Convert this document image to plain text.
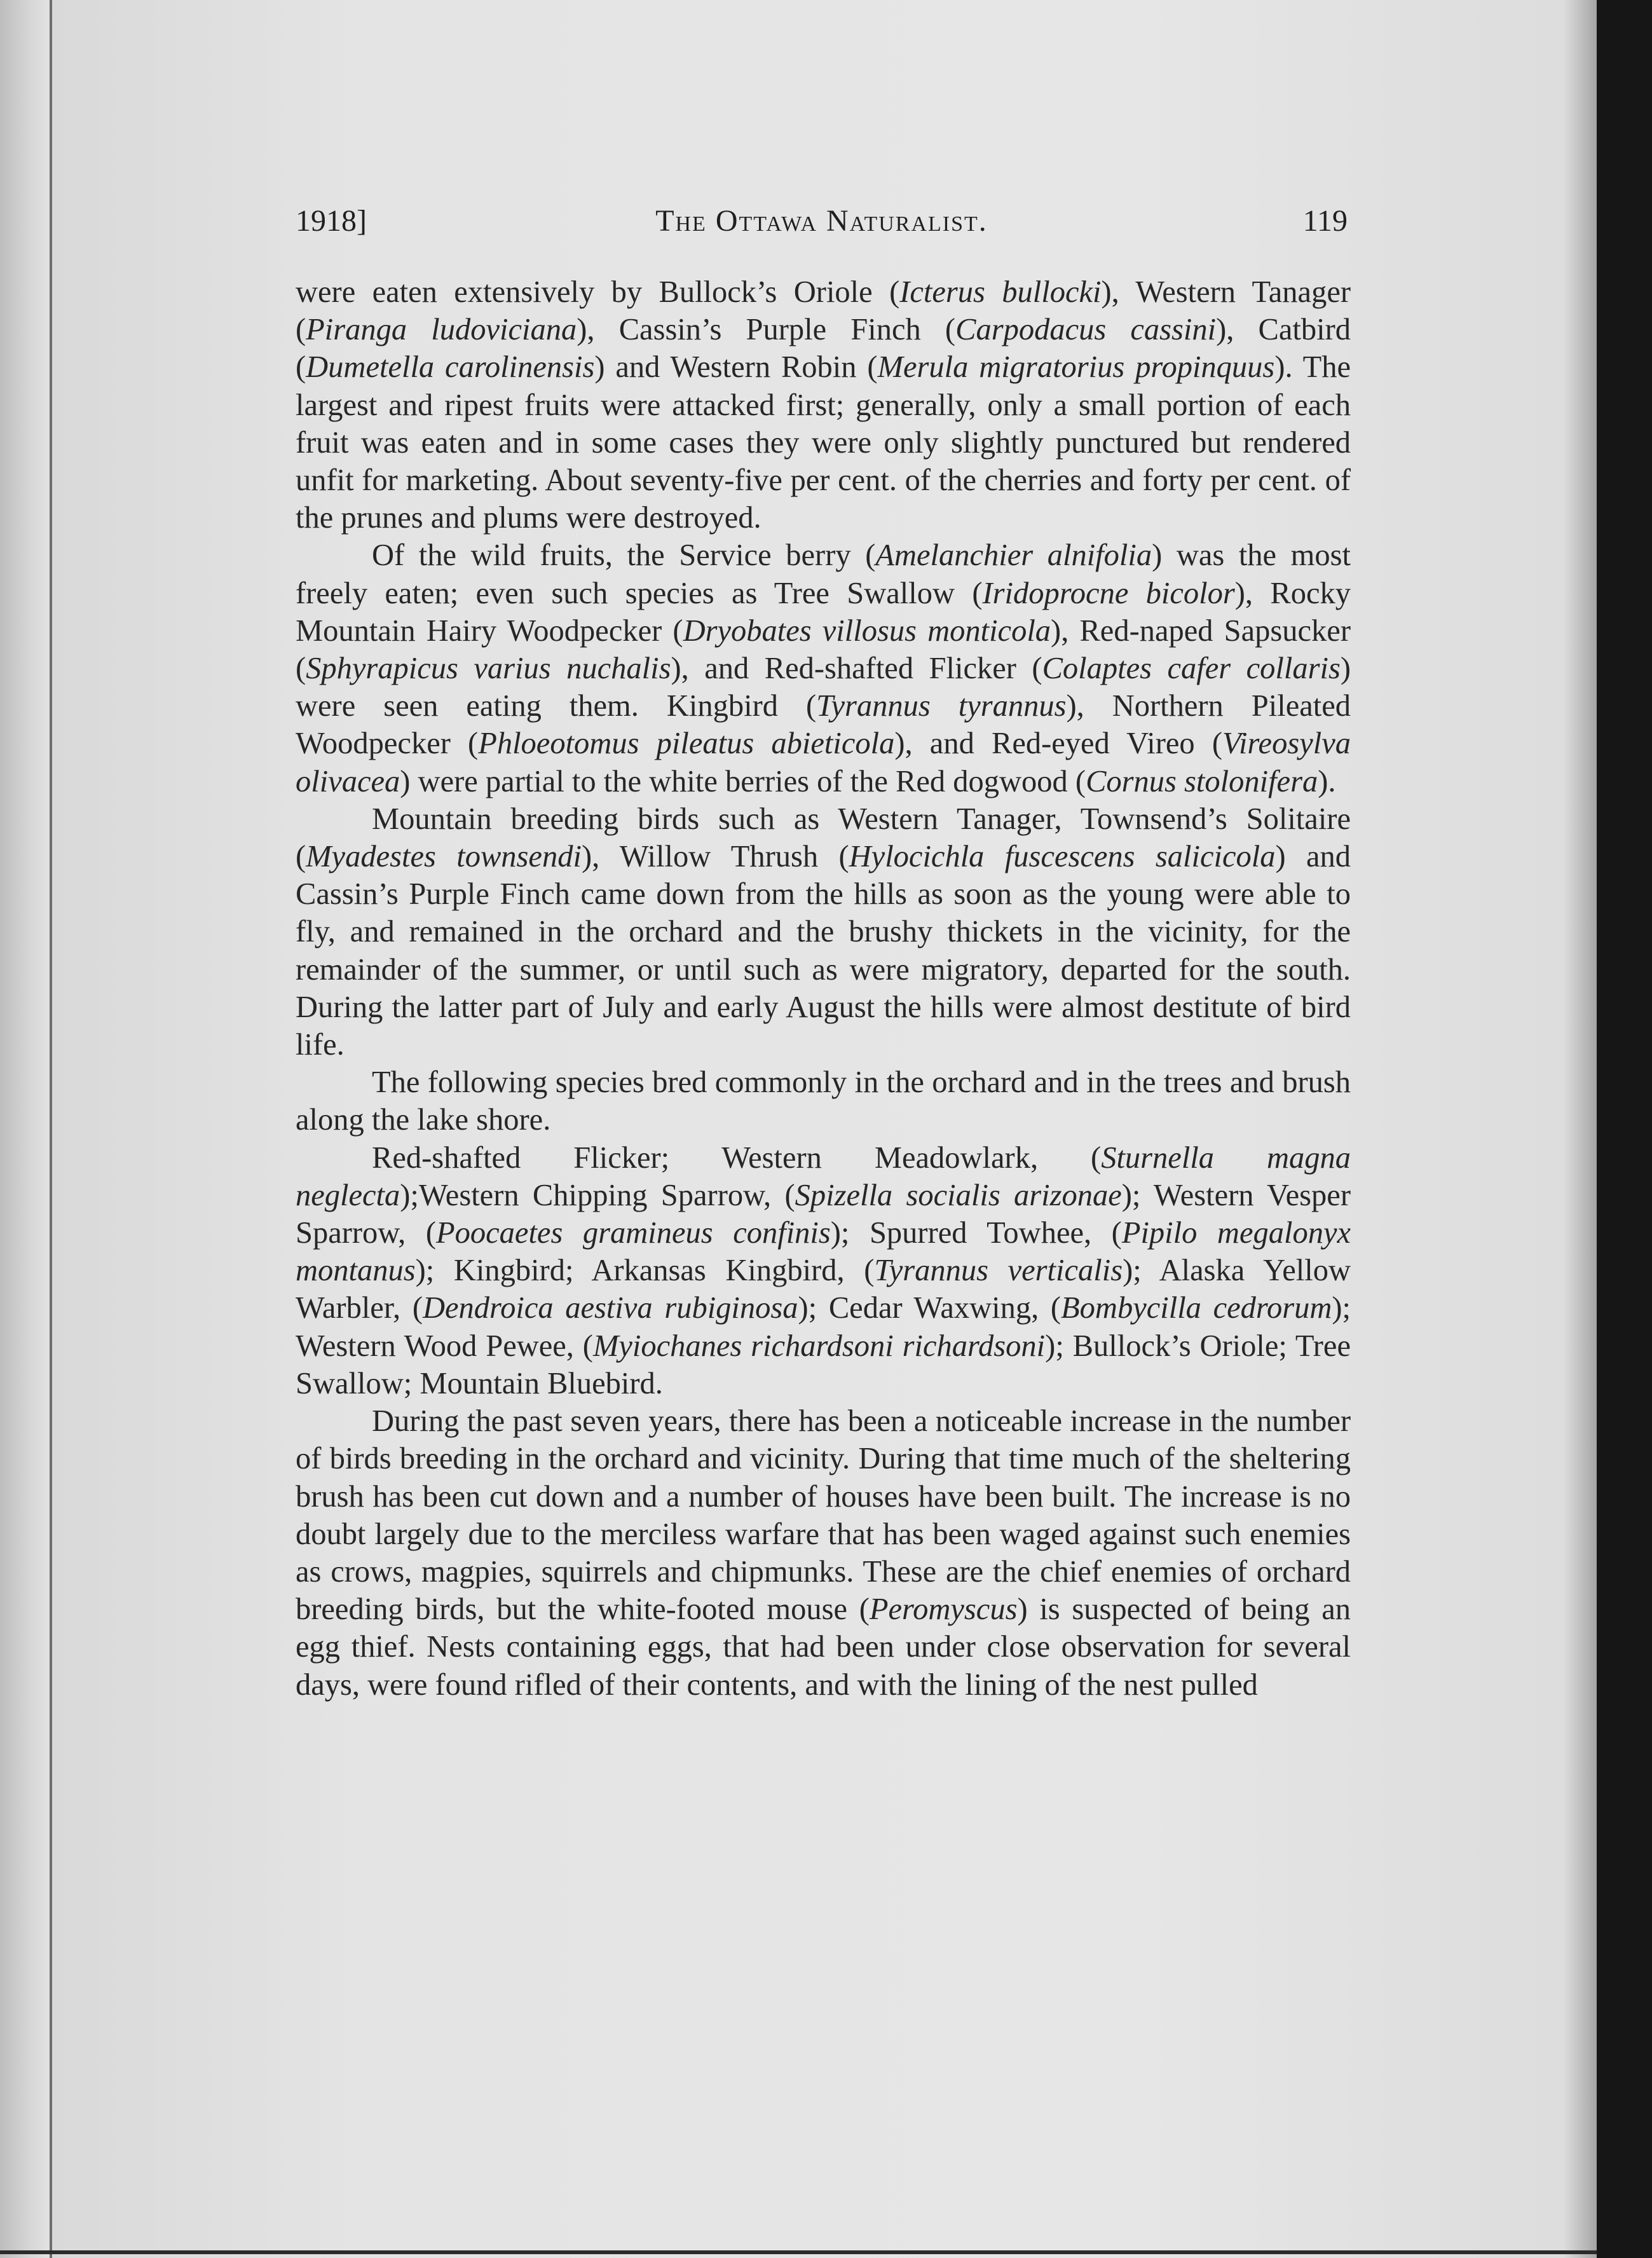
1918]	The Ottawa Naturalist.	119

were eaten extensively by Bullock’s Oriole (Icterus bullocki), Western Tanager (Piranga ludoviciana), Cassin’s Purple Finch (Carpodacus cassini), Catbird (Dumetella carolinensis) and Western Robin (Merula migratorius propinquus). The largest and ripest fruits were attacked first; generally, only a small portion of each fruit was eaten and in some cases they were only slightly punctured but rendered unfit for marketing. About seventy-five per cent. of the cherries and forty per cent. of the prunes and plums were destroyed.

Of the wild fruits, the Service berry (Amelanchier alnifolia) was the most freely eaten; even such species as Tree Swallow (Iridoprocne bicolor), Rocky Mountain Hairy Woodpecker (Dryobates villosus monticola), Red-naped Sapsucker (Sphyrapicus varius nuchalis), and Red-shafted Flicker (Colaptes cafer collaris) were seen eating them. Kingbird (Tyrannus tyrannus), Northern Pileated Woodpecker (Phloeotomus pileatus abieticola), and Red-eyed Vireo (Vireosylva olivacea) were partial to the white berries of the Red dogwood (Cornus stolonifera).

Mountain breeding birds such as Western Tanager, Townsend’s Solitaire (Myadestes townsendi), Willow Thrush (Hylocichla fuscescens salicicola) and Cassin’s Purple Finch came down from the hills as soon as the young were able to fly, and remained in the orchard and the brushy thickets in the vicinity, for the remainder of the summer, or until such as were migratory, departed for the south. During the latter part of July and early August the hills were almost destitute of bird life.

The following species bred commonly in the orchard and in the trees and brush along the lake shore.

Red-shafted Flicker; Western Meadowlark, (Sturnella magna neglecta);Western Chipping Sparrow, (Spizella socialis arizonae); Western Vesper Sparrow, (Poocaetes gramineus confinis); Spurred Towhee, (Pipilo megalonyx montanus); Kingbird; Arkansas Kingbird, (Tyrannus verticalis); Alaska Yellow Warbler, (Dendroica aestiva rubiginosa); Cedar Waxwing, (Bombycilla cedrorum); Western Wood Pewee, (Myiochanes richardsoni richardsoni); Bullock’s Oriole; Tree Swallow; Mountain Bluebird.

During the past seven years, there has been a noticeable increase in the number of birds breeding in the orchard and vicinity. During that time much of the sheltering brush has been cut down and a number of houses have been built. The increase is no doubt largely due to the merciless warfare that has been waged against such enemies as crows, magpies, squirrels and chipmunks. These are the chief enemies of orchard breeding birds, but the white-footed mouse (Peromyscus) is suspected of being an egg thief. Nests containing eggs, that had been under close observation for several days, were found rifled of their contents, and with the lining of the nest pulled
